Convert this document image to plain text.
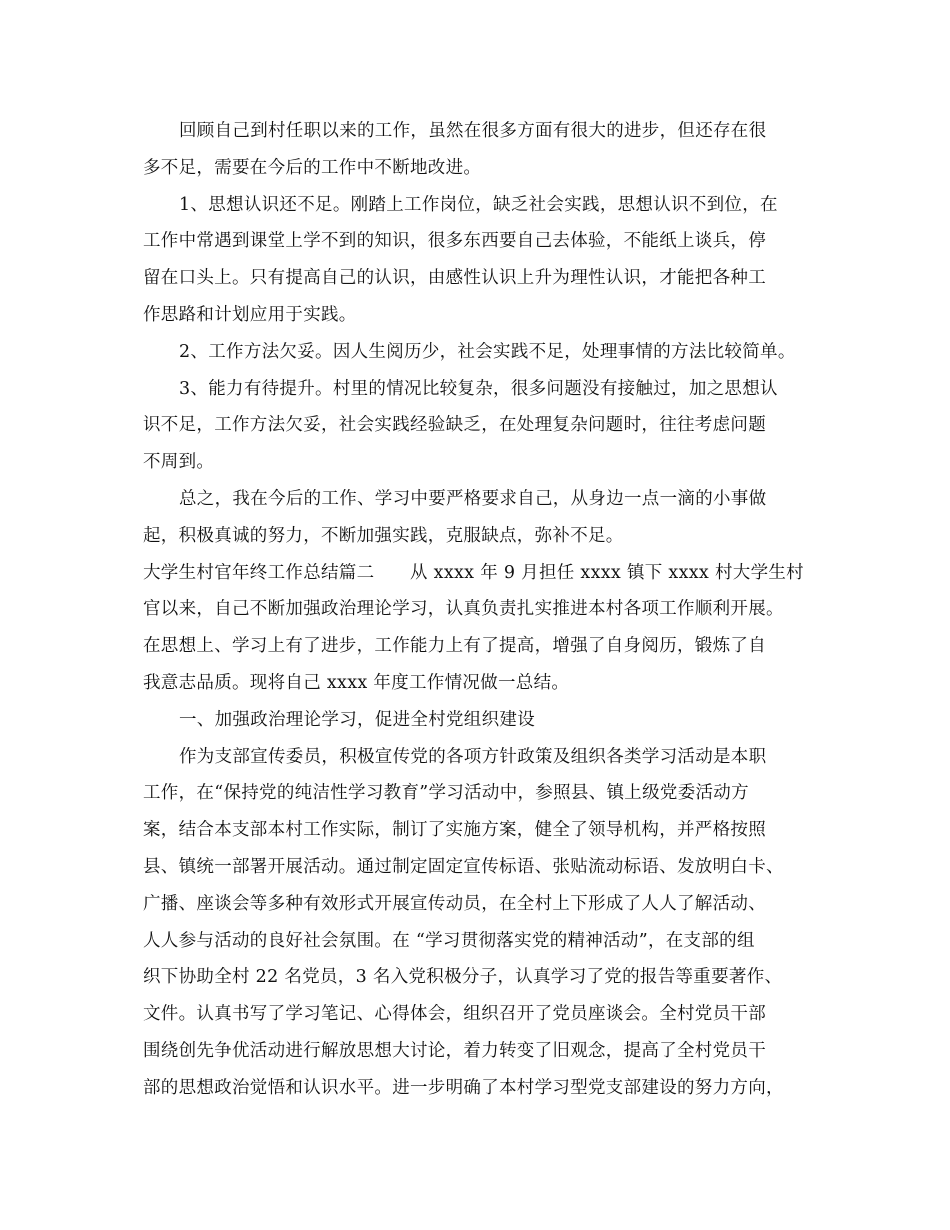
回顾自己到村任职以来的工作，虽然在很多方面有很大的进步，但还存在很
多不足，需要在今后的工作中不断地改进。
1、思想认识还不足。刚踏上工作岗位，缺乏社会实践，思想认识不到位，在
工作中常遇到课堂上学不到的知识，很多东西要自己去体验，不能纸上谈兵，停
留在口头上。只有提高自己的认识，由感性认识上升为理性认识，才能把各种工
作思路和计划应用于实践。
2、工作方法欠妥。因人生阅历少，社会实践不足，处理事情的方法比较简单。
3、能力有待提升。村里的情况比较复杂，很多问题没有接触过，加之思想认
识不足，工作方法欠妥，社会实践经验缺乏，在处理复杂问题时，往往考虑问题
不周到。
总之，我在今后的工作、学习中要严格要求自己，从身边一点一滴的小事做
起，积极真诚的努力，不断加强实践，克服缺点，弥补不足。
大学生村官年终工作总结篇二　　从 xxxx 年 9 月担任 xxxx 镇下 xxxx 村大学生村
官以来，自己不断加强政治理论学习，认真负责扎实推进本村各项工作顺利开展。
在思想上、学习上有了进步，工作能力上有了提高，增强了自身阅历，锻炼了自
我意志品质。现将自己 xxxx 年度工作情况做一总结。
一、加强政治理论学习，促进全村党组织建设
作为支部宣传委员，积极宣传党的各项方针政策及组织各类学习活动是本职
工作，在“保持党的纯洁性学习教育”学习活动中，参照县、镇上级党委活动方
案，结合本支部本村工作实际，制订了实施方案，健全了领导机构，并严格按照
县、镇统一部署开展活动。通过制定固定宣传标语、张贴流动标语、发放明白卡、
广播、座谈会等多种有效形式开展宣传动员，在全村上下形成了人人了解活动、
人人参与活动的良好社会氛围。在 “学习贯彻落实党的精神活动”，在支部的组
织下协助全村 22 名党员，3 名入党积极分子，认真学习了党的报告等重要著作、
文件。认真书写了学习笔记、心得体会，组织召开了党员座谈会。全村党员干部
围绕创先争优活动进行解放思想大讨论，着力转变了旧观念，提高了全村党员干
部的思想政治觉悟和认识水平。进一步明确了本村学习型党支部建设的努力方向，
